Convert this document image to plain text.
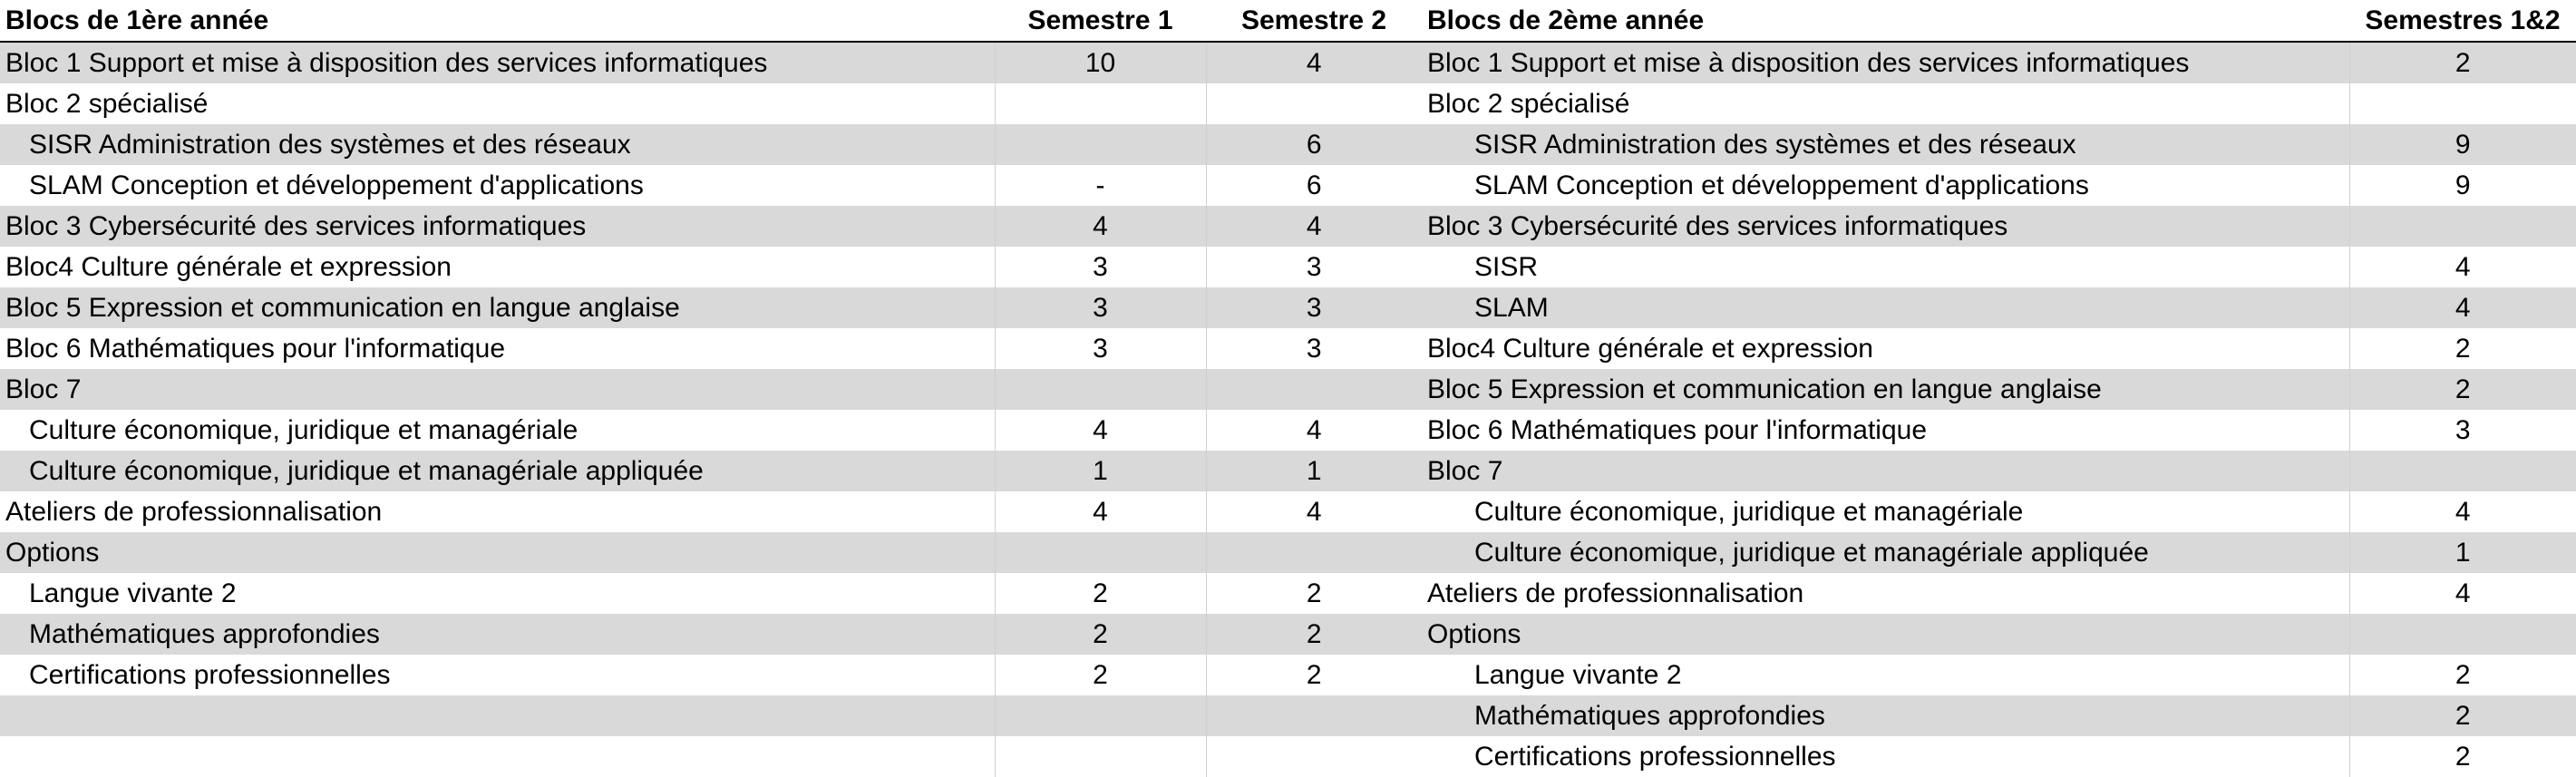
Blocs de 1ère année	Semestre 1	Semestre 2
Bloc 1 Support et mise à disposition des services informatiques	10	4
Bloc 2 spécialisé		
SISR Administration des systèmes et des réseaux		6
SLAM Conception et développement d'applications	-	6
Bloc 3 Cybersécurité des services informatiques	4	4
Bloc4 Culture générale et expression	3	3
Bloc 5 Expression et communication en langue anglaise	3	3
Bloc 6 Mathématiques pour l'informatique	3	3
Bloc 7		
Culture économique, juridique et managériale	4	4
Culture économique, juridique et managériale appliquée	1	1
Ateliers de professionnalisation	4	4
Options		
Langue vivante 2	2	2
Mathématiques approfondies	2	2
Certifications professionnelles	2	2

Blocs de 2ème année	Semestres 1&2
Bloc 1 Support et mise à disposition des services informatiques	2
Bloc 2 spécialisé	
SISR Administration des systèmes et des réseaux	9
SLAM Conception et développement d'applications	9
Bloc 3 Cybersécurité des services informatiques	
SISR	4
SLAM	4
Bloc4 Culture générale et expression	2
Bloc 5 Expression et communication en langue anglaise	2
Bloc 6 Mathématiques pour l'informatique	3
Bloc 7	
Culture économique, juridique et managériale	4
Culture économique, juridique et managériale appliquée	1
Ateliers de professionnalisation	4
Options	
Langue vivante 2	2
Mathématiques approfondies	2
Certifications professionnelles	2
